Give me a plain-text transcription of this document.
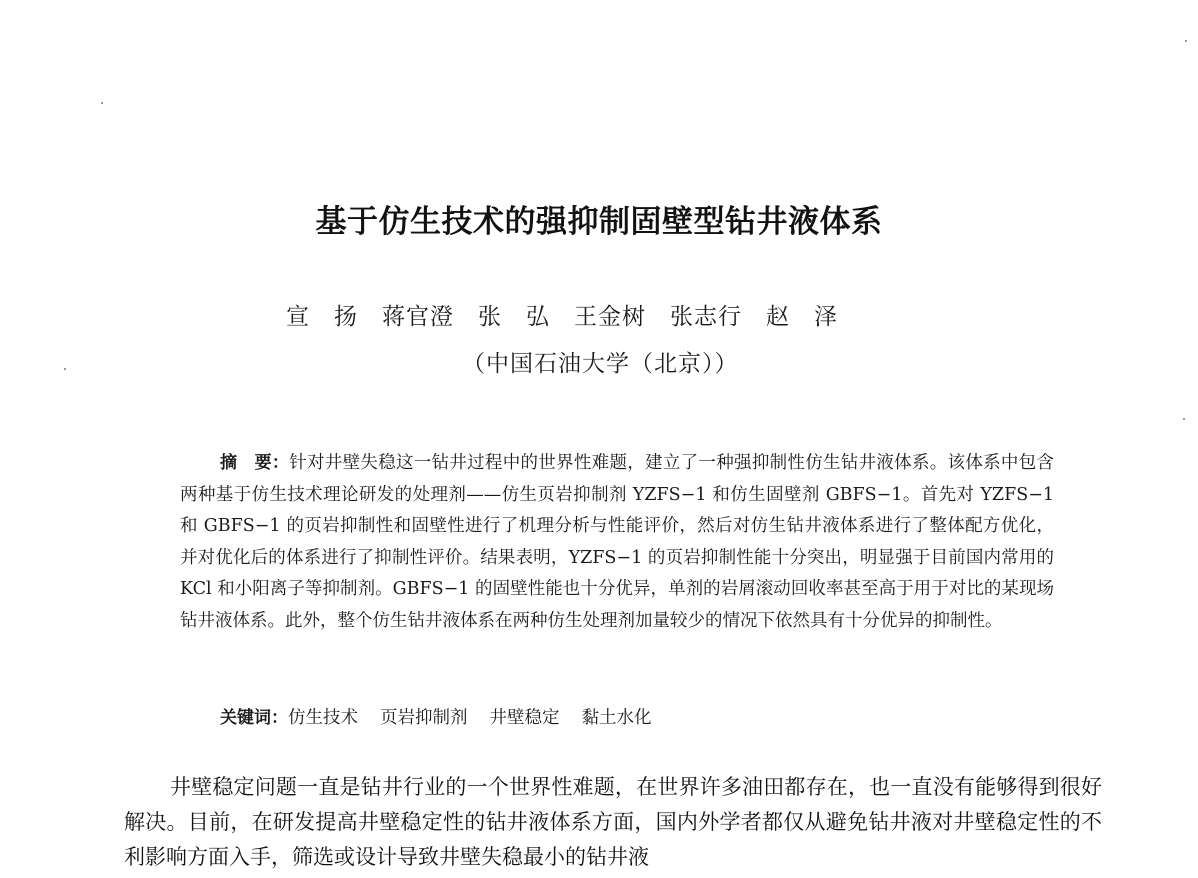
基于仿生技术的强抑制固壁型钻井液体系
宣　扬　 蒋官澄　 张　弘　 王金树　 张志行　 赵　泽
（中国石油大学（北京））
摘　要：针对井壁失稳这一钻井过程中的世界性难题，建立了一种强抑制性仿生钻井液体系。该体系中包含两种基于仿生技术理论研发的处理剂——仿生页岩抑制剂 YZFS−1 和仿生固壁剂 GBFS−1。首先对 YZFS−1 和 GBFS−1 的页岩抑制性和固壁性进行了机理分析与性能评价，然后对仿生钻井液体系进行了整体配方优化，并对优化后的体系进行了抑制性评价。结果表明，YZFS−1 的页岩抑制性能十分突出，明显强于目前国内常用的 KCl 和小阳离子等抑制剂。GBFS−1 的固壁性能也十分优异，单剂的岩屑滚动回收率甚至高于用于对比的某现场钻井液体系。此外，整个仿生钻井液体系在两种仿生处理剂加量较少的情况下依然具有十分优异的抑制性。
关键词：仿生技术 页岩抑制剂 井壁稳定 黏土水化

井壁稳定问题一直是钻井行业的一个世界性难题，在世界许多油田都存在，也一直没有能够得到很好解决。目前，在研发提高井壁稳定性的钻井液体系方面，国内外学者都仅从避免钻井液对井壁稳定性的不利影响方面入手，筛选或设计导致井壁失稳最小的钻井液
